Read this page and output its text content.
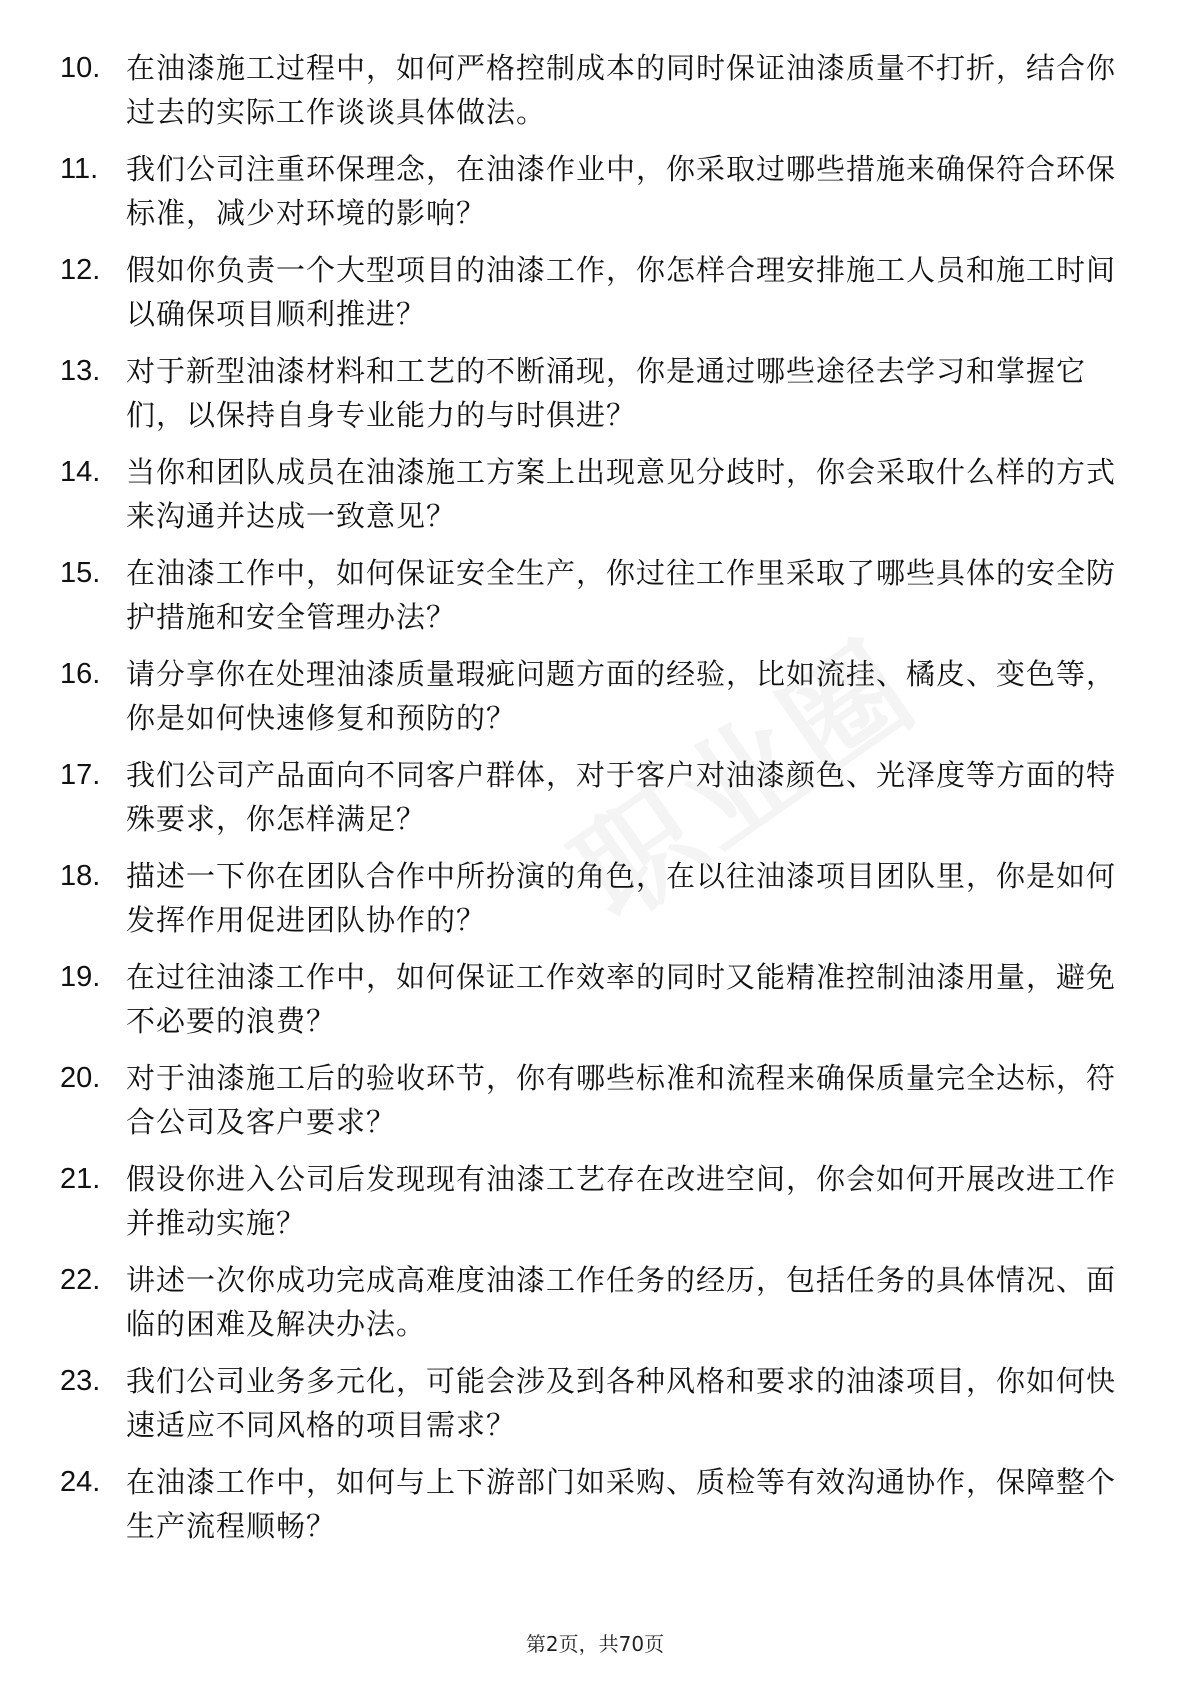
10. 在油漆施工过程中，如何严格控制成本的同时保证油漆质量不打折，结合你过去的实际工作谈谈具体做法。
11. 我们公司注重环保理念，在油漆作业中，你采取过哪些措施来确保符合环保标准，减少对环境的影响？
12. 假如你负责一个大型项目的油漆工作，你怎样合理安排施工人员和施工时间以确保项目顺利推进？
13. 对于新型油漆材料和工艺的不断涌现，你是通过哪些途径去学习和掌握它们，以保持自身专业能力的与时俱进？
14. 当你和团队成员在油漆施工方案上出现意见分歧时，你会采取什么样的方式来沟通并达成一致意见？
15. 在油漆工作中，如何保证安全生产，你过往工作里采取了哪些具体的安全防护措施和安全管理办法？
16. 请分享你在处理油漆质量瑕疵问题方面的经验，比如流挂、橘皮、变色等，你是如何快速修复和预防的？
17. 我们公司产品面向不同客户群体，对于客户对油漆颜色、光泽度等方面的特殊要求，你怎样满足？
18. 描述一下你在团队合作中所扮演的角色，在以往油漆项目团队里，你是如何发挥作用促进团队协作的？
19. 在过往油漆工作中，如何保证工作效率的同时又能精准控制油漆用量，避免不必要的浪费？
20. 对于油漆施工后的验收环节，你有哪些标准和流程来确保质量完全达标，符合公司及客户要求？
21. 假设你进入公司后发现现有油漆工艺存在改进空间，你会如何开展改进工作并推动实施？
22. 讲述一次你成功完成高难度油漆工作任务的经历，包括任务的具体情况、面临的困难及解决办法。
23. 我们公司业务多元化，可能会涉及到各种风格和要求的油漆项目，你如何快速适应不同风格的项目需求？
24. 在油漆工作中，如何与上下游部门如采购、质检等有效沟通协作，保障整个生产流程顺畅？
第2页，共70页
